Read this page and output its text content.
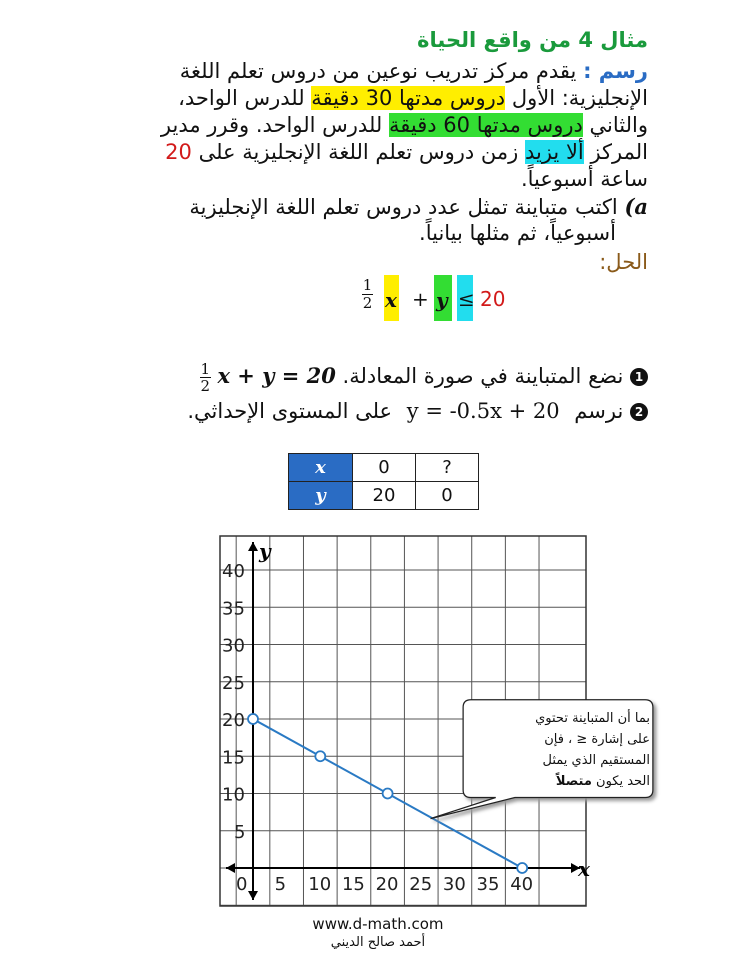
مثال 4 من واقع الحياة
رسم : يقدم مركز تدريب نوعين من دروس تعلم اللغة
الإنجليزية: الأول دروس مدتها 30 دقيقة للدرس الواحد،
والثاني دروس مدتها 60 دقيقة للدرس الواحد. وقرر مدير
المركز ألا يزيد زمن دروس تعلم اللغة الإنجليزية على 20
ساعة أسبوعياً.
a) اكتب متباينة تمثل عدد دروس تعلم اللغة الإنجليزية
أسبوعياً، ثم مثلها بيانياً.
الحل:
1
2 𝒙 + 𝒚 ≤ 20
1 نضع المتباينة في صورة المعادلة.
$\frac{1}{2}$ x + y = 20
2 نرسم y = -0.5x + 20 على المستوى الإحداثي.
x	0	?
y	20	0
x
y
0 5 10 15 20 25 30 35 40
5
10
15
20
25
30
35
40
بما أن المتباينة تحتوي
على إشارة ≤ ، فإن
المستقيم الذي يمثل
الحد يكون متصلاً
www.d-math.com
أحمد صالح الديني
